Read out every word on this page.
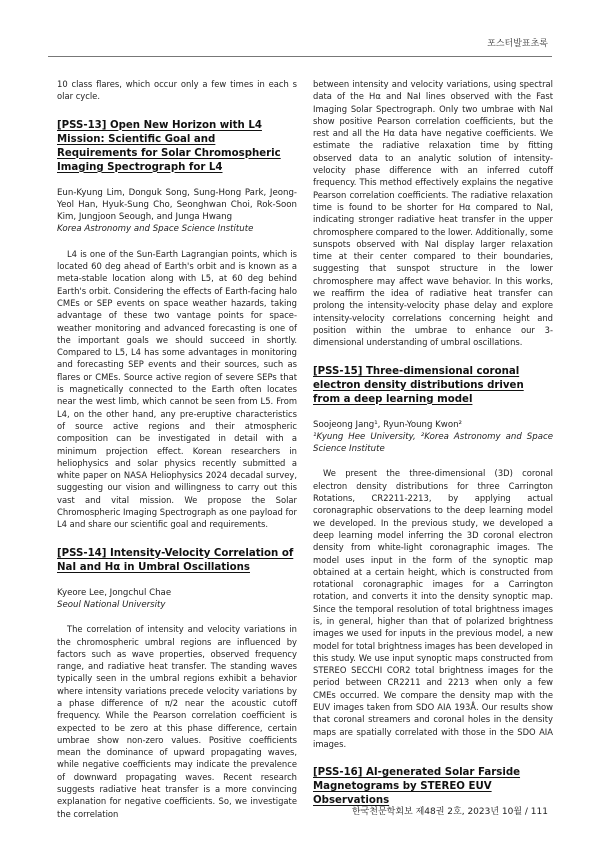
포스터발표초록

10 class flares, which occur only a few times in each s olar cycle.

[PSS-13] Open New Horizon with L4 Mission: Scientific Goal and Requirements for Solar Chromospheric Imaging Spectrograph for L4

Eun-Kyung Lim, Donguk Song, Sung-Hong Park, Jeong-Yeol Han, Hyuk-Sung Cho, Seonghwan Choi, Rok-Soon Kim, Jungjoon Seough, and Junga Hwang

Korea Astronomy and Space Science Institute

L4 is one of the Sun-Earth Lagrangian points, which is located 60 deg ahead of Earth's orbit and is known as a meta-stable location along with L5, at 60 deg behind Earth's orbit. Considering the effects of Earth-facing halo CMEs or SEP events on space weather hazards, taking advantage of these two vantage points for space-weather monitoring and advanced forecasting is one of the important goals we should succeed in shortly. Compared to L5, L4 has some advantages in monitoring and forecasting SEP events and their sources, such as flares or CMEs. Source active region of severe SEPs that is magnetically connected to the Earth often locates near the west limb, which cannot be seen from L5. From L4, on the other hand, any pre-eruptive characteristics of source active regions and their atmospheric composition can be investigated in detail with a minimum projection effect. Korean researchers in heliophysics and solar physics recently submitted a white paper on NASA Heliophysics 2024 decadal survey, suggesting our vision and willingness to carry out this vast and vital mission. We propose the Solar Chromospheric Imaging Spectrograph as one payload for L4 and share our scientific goal and requirements.

[PSS-14] Intensity-Velocity Correlation of NaI and Hα in Umbral Oscillations

Kyeore Lee, Jongchul Chae

Seoul National University

The correlation of intensity and velocity variations in the chromospheric umbral regions are influenced by factors such as wave properties, observed frequency range, and radiative heat transfer. The standing waves typically seen in the umbral regions exhibit a behavior where intensity variations precede velocity variations by a phase difference of π/2 near the acoustic cutoff frequency. While the Pearson correlation coefficient is expected to be zero at this phase difference, certain umbrae show non-zero values. Positive coefficients mean the dominance of upward propagating waves, while negative coefficients may indicate the prevalence of downward propagating waves. Recent research suggests radiative heat transfer is a more convincing explanation for negative coefficients. So, we investigate the correlation

between intensity and velocity variations, using spectral data of the Hα and NaI lines observed with the Fast Imaging Solar Spectrograph. Only two umbrae with NaI show positive Pearson correlation coefficients, but the rest and all the Hα data have negative coefficients. We estimate the radiative relaxation time by fitting observed data to an analytic solution of intensity-velocity phase difference with an inferred cutoff frequency. This method effectively explains the negative Pearson correlation coefficients. The radiative relaxation time is found to be shorter for Hα compared to NaI, indicating stronger radiative heat transfer in the upper chromosphere compared to the lower. Additionally, some sunspots observed with NaI display larger relaxation time at their center compared to their boundaries, suggesting that sunspot structure in the lower chromosphere may affect wave behavior. In this works, we reaffirm the idea of radiative heat transfer can prolong the intensity-velocity phase delay and explore intensity-velocity correlations concerning height and position within the umbrae to enhance our 3-dimensional understanding of umbral oscillations.

[PSS-15] Three-dimensional coronal electron density distributions driven from a deep learning model

Soojeong Jang¹, Ryun-Young Kwon²

¹Kyung Hee University, ²Korea Astronomy and Space Science Institute

We present the three-dimensional (3D) coronal electron density distributions for three Carrington Rotations, CR2211-2213, by applying actual coronagraphic observations to the deep learning model we developed. In the previous study, we developed a deep learning model inferring the 3D coronal electron density from white-light coronagraphic images. The model uses input in the form of the synoptic map obtained at a certain height, which is constructed from rotational coronagraphic images for a Carrington rotation, and converts it into the density synoptic map. Since the temporal resolution of total brightness images is, in general, higher than that of polarized brightness images we used for inputs in the previous model, a new model for total brightness images has been developed in this study. We use input synoptic maps constructed from STEREO SECCHI COR2 total brightness images for the period between CR2211 and 2213 when only a few CMEs occurred. We compare the density map with the EUV images taken from SDO AIA 193Å. Our results show that coronal streamers and coronal holes in the density maps are spatially correlated with those in the SDO AIA images.

[PSS-16] AI-generated Solar Farside Magnetograms by STEREO EUV Observations
한국천문학회보 제48권 2호, 2023년 10월 / 111
